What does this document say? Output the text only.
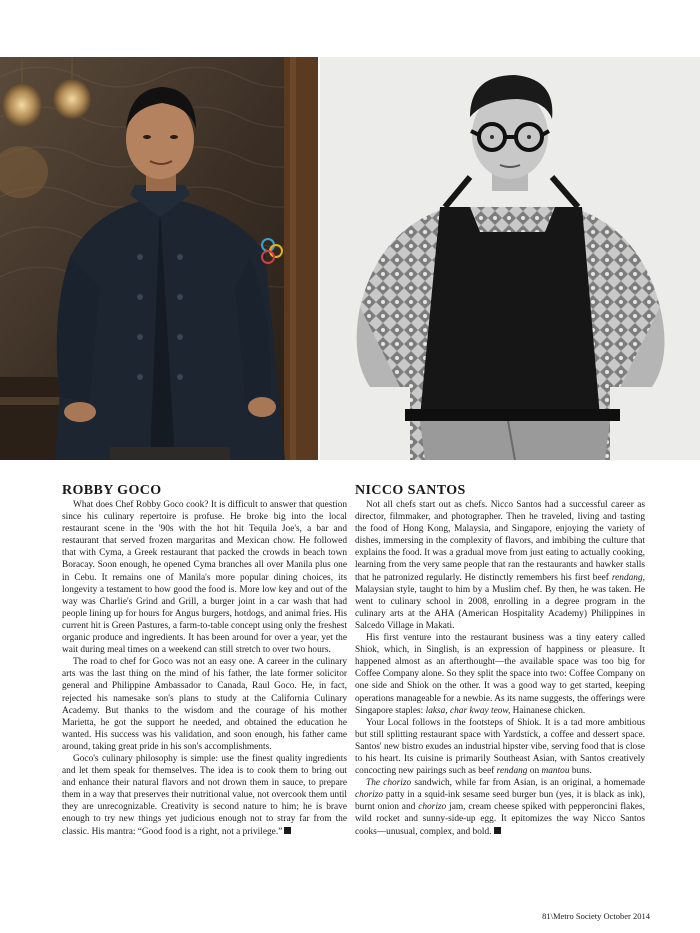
ROBBY GOCO

What does Chef Robby Goco cook? It is difficult to answer that question since his culinary repertoire is profuse. He broke big into the local restaurant scene in the '90s with the hot hit Tequila Joe's, a bar and restaurant that served frozen margaritas and Mexican chow. He followed that with Cyma, a Greek restaurant that packed the crowds in beach town Boracay. Soon enough, he opened Cyma branches all over Manila plus one in Cebu. It remains one of Manila's more popular dining choices, its longevity a testament to how good the food is. More low key and out of the way was Charlie's Grind and Grill, a burger joint in a car wash that had people lining up for hours for Angus burgers, hotdogs, and animal fries. His current hit is Green Pastures, a farm-to-table concept using only the freshest organic produce and ingredients. It has been around for over a year, yet the wait during meal times on a weekend can still stretch to over two hours.

The road to chef for Goco was not an easy one. A career in the culinary arts was the last thing on the mind of his father, the late former solicitor general and Philippine Ambassador to Canada, Raul Goco. He, in fact, rejected his namesake son's plans to study at the California Culinary Academy. But thanks to the wisdom and the courage of his mother Marietta, he got the support he needed, and obtained the education he wanted. His success was his validation, and soon enough, his father came around, taking great pride in his son's accomplishments.

Goco's culinary philosophy is simple: use the finest quality ingredients and let them speak for themselves. The idea is to cook them to bring out and enhance their natural flavors and not drown them in sauce, to prepare them in a way that preserves their nutritional value, not overcook them until they are unrecognizable. Creativity is second nature to him; he is brave enough to try new things yet judicious enough not to stray far from the classic. His mantra: “Good food is a right, not a privilege.”

NICCO SANTOS

Not all chefs start out as chefs. Nicco Santos had a successful career as director, filmmaker, and photographer. Then he traveled, living and tasting the food of Hong Kong, Malaysia, and Singapore, enjoying the variety of dishes, immersing in the complexity of flavors, and imbibing the culture that explains the food. It was a gradual move from just eating to actually cooking, learning from the very same people that ran the restaurants and hawker stalls that he patronized regularly. He distinctly remembers his first beef rendang, Malaysian style, taught to him by a Muslim chef. By then, he was taken. He went to culinary school in 2008, enrolling in a degree program in the culinary arts at the AHA (American Hospitality Academy) Philippines in Salcedo Village in Makati.

His first venture into the restaurant business was a tiny eatery called Shiok, which, in Singlish, is an expression of happiness or pleasure. It happened almost as an afterthought—the available space was too big for Coffee Company alone. So they split the space into two: Coffee Company on one side and Shiok on the other. It was a good way to get started, keeping operations manageable for a newbie. As its name suggests, the offerings were Singapore staples: laksa, char kway teow, Hainanese chicken.

Your Local follows in the footsteps of Shiok. It is a tad more ambitious but still splitting restaurant space with Yardstick, a coffee and dessert space. Santos' new bistro exudes an industrial hipster vibe, serving food that is close to his heart. Its cuisine is primarily Southeast Asian, with Santos creatively concocting new pairings such as beef rendang on mantou buns.

The chorizo sandwich, while far from Asian, is an original, a homemade chorizo patty in a squid-ink sesame seed burger bun (yes, it is black as ink), burnt onion and chorizo jam, cream cheese spiked with pepperoncini flakes, wild rocket and sunny-side-up egg. It epitomizes the way Nicco Santos cooks—unusual, complex, and bold.

81\Metro Society October 2014
